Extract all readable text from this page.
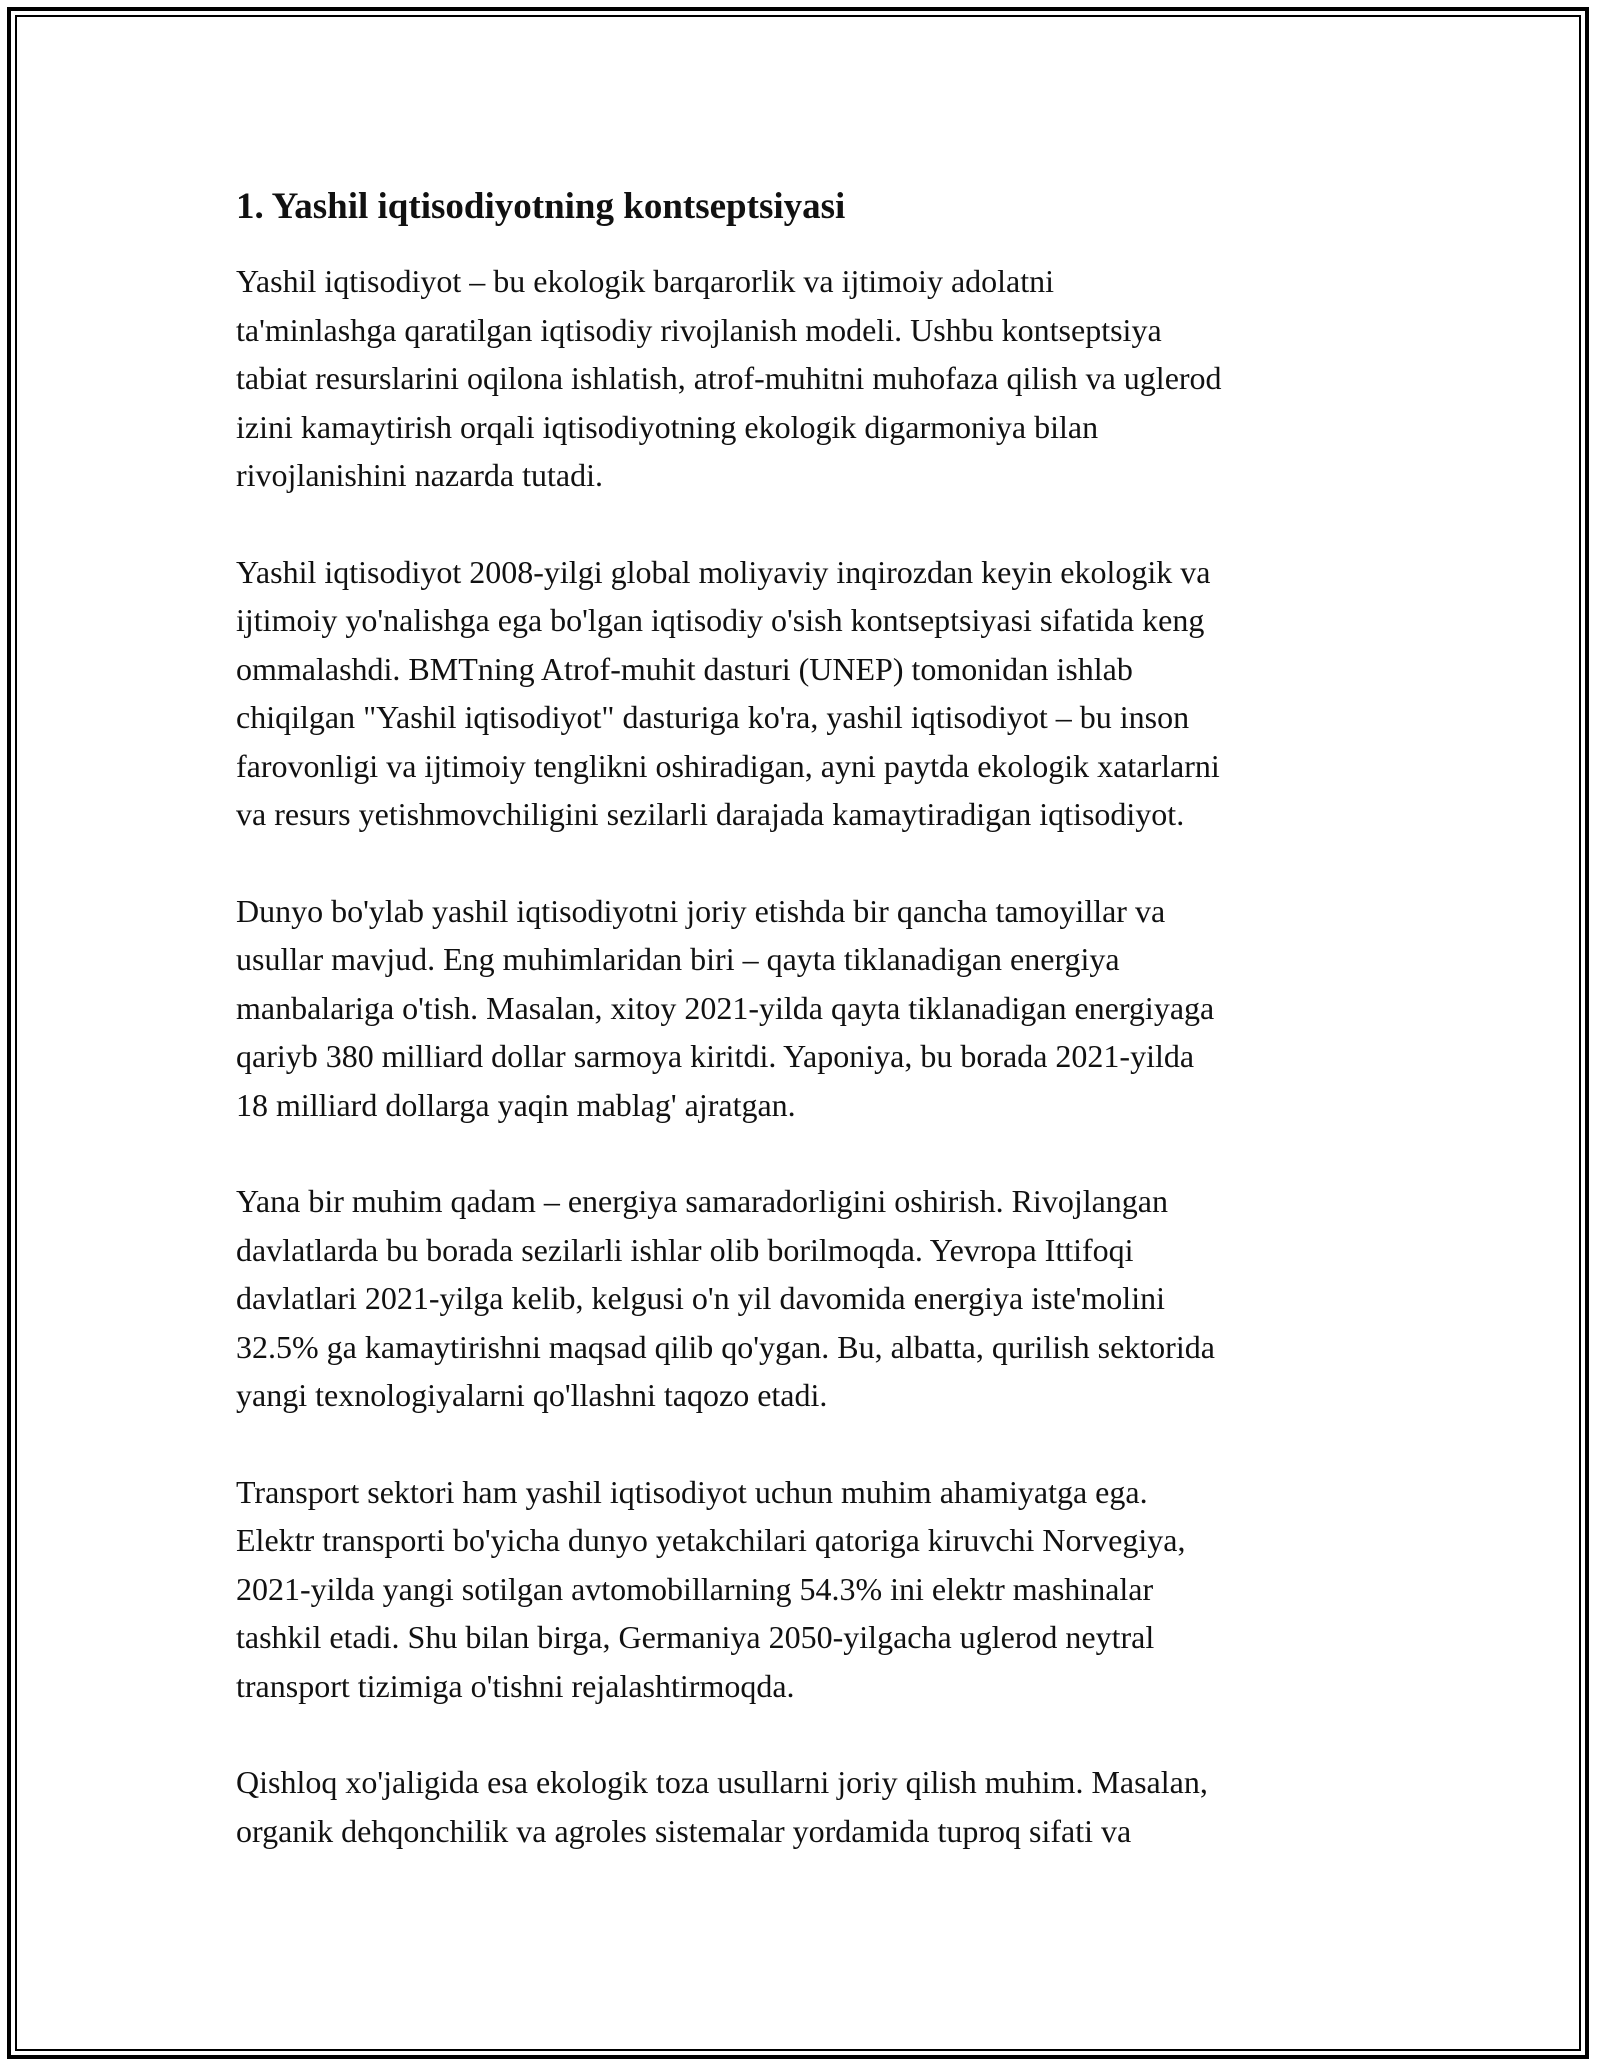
1. Yashil iqtisodiyotning kontseptsiyasi

Yashil iqtisodiyot – bu ekologik barqarorlik va ijtimoiy adolatni
ta'minlashga qaratilgan iqtisodiy rivojlanish modeli. Ushbu kontseptsiya
tabiat resurslarini oqilona ishlatish, atrof-muhitni muhofaza qilish va uglerod
izini kamaytirish orqali iqtisodiyotning ekologik digarmoniya bilan
rivojlanishini nazarda tutadi.

Yashil iqtisodiyot 2008-yilgi global moliyaviy inqirozdan keyin ekologik va
ijtimoiy yo'nalishga ega bo'lgan iqtisodiy o'sish kontseptsiyasi sifatida keng
ommalashdi. BMTning Atrof-muhit dasturi (UNEP) tomonidan ishlab
chiqilgan "Yashil iqtisodiyot" dasturiga ko'ra, yashil iqtisodiyot – bu inson
farovonligi va ijtimoiy tenglikni oshiradigan, ayni paytda ekologik xatarlarni
va resurs yetishmovchiligini sezilarli darajada kamaytiradigan iqtisodiyot.

Dunyo bo'ylab yashil iqtisodiyotni joriy etishda bir qancha tamoyillar va
usullar mavjud. Eng muhimlaridan biri – qayta tiklanadigan energiya
manbalariga o'tish. Masalan, xitoy 2021-yilda qayta tiklanadigan energiyaga
qariyb 380 milliard dollar sarmoya kiritdi. Yaponiya, bu borada 2021-yilda
18 milliard dollarga yaqin mablag' ajratgan.

Yana bir muhim qadam – energiya samaradorligini oshirish. Rivojlangan
davlatlarda bu borada sezilarli ishlar olib borilmoqda. Yevropa Ittifoqi
davlatlari 2021-yilga kelib, kelgusi o'n yil davomida energiya iste'molini
32.5% ga kamaytirishni maqsad qilib qo'ygan. Bu, albatta, qurilish sektorida
yangi texnologiyalarni qo'llashni taqozo etadi.

Transport sektori ham yashil iqtisodiyot uchun muhim ahamiyatga ega.
Elektr transporti bo'yicha dunyo yetakchilari qatoriga kiruvchi Norvegiya,
2021-yilda yangi sotilgan avtomobillarning 54.3% ini elektr mashinalar
tashkil etadi. Shu bilan birga, Germaniya 2050-yilgacha uglerod neytral
transport tizimiga o'tishni rejalashtirmoqda.

Qishloq xo'jaligida esa ekologik toza usullarni joriy qilish muhim. Masalan,
organik dehqonchilik va agroles sistemalar yordamida tuproq sifati va
